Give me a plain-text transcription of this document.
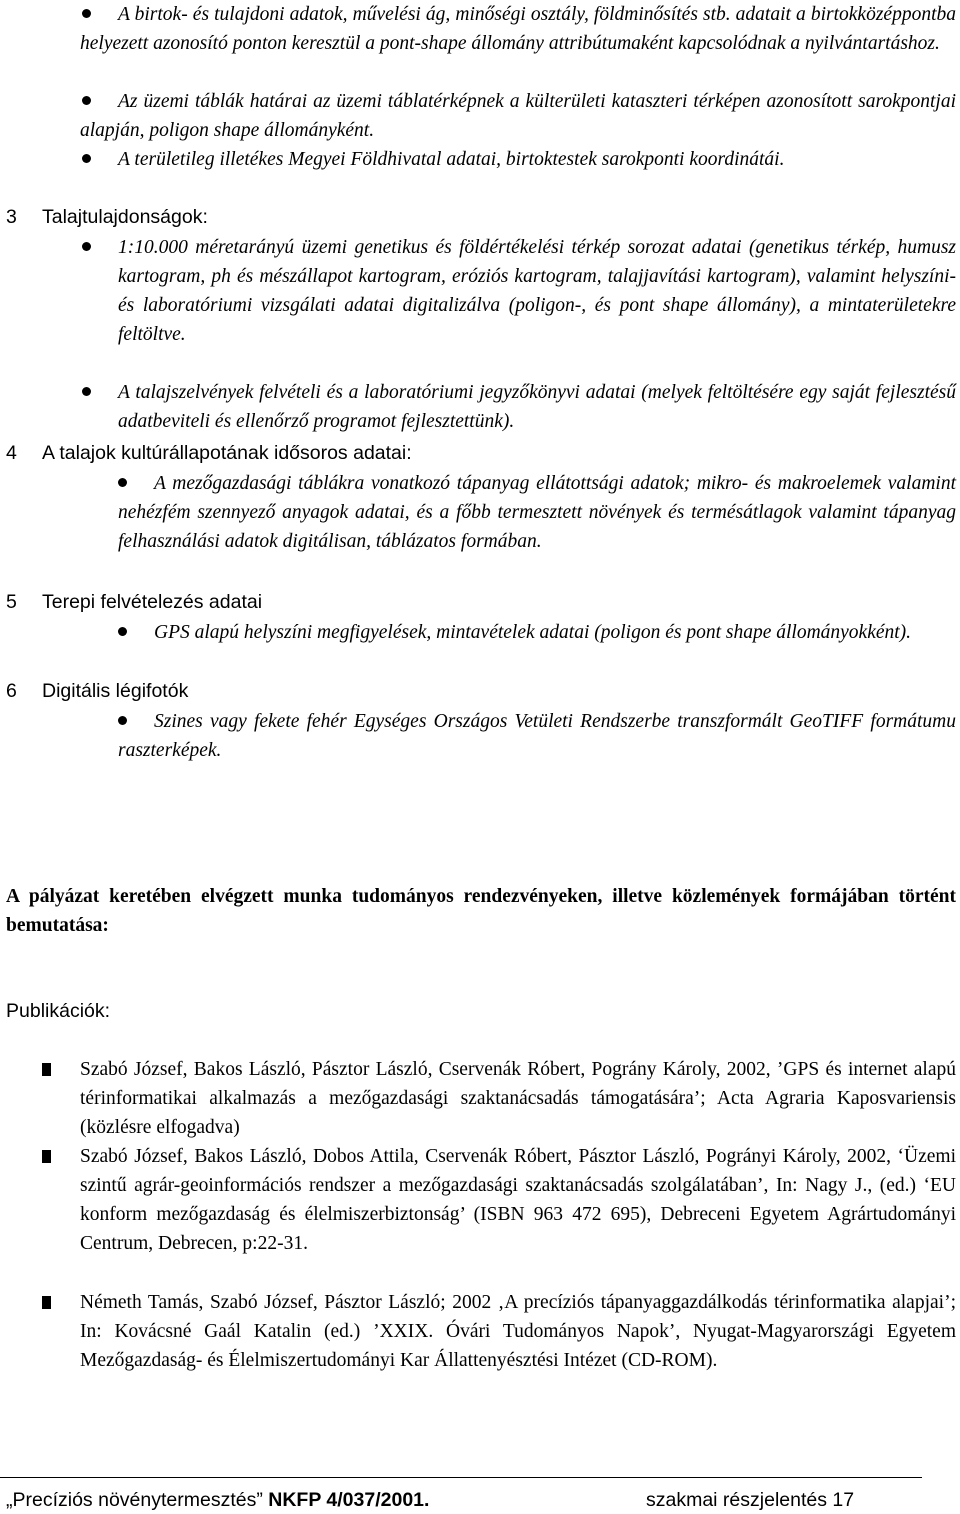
A birtok- és tulajdoni adatok, művelési ág, minőségi osztály, földminősítés stb. adatait a birtokközéppontba helyezett azonosító ponton keresztül a pont-shape állomány attribútumaként kapcsolódnak a nyilvántartáshoz.

Az üzemi táblák határai az üzemi táblatérképnek a külterületi kataszteri térképen azonosított sarokpontjai alapján, poligon shape állományként.

A területileg illetékes Megyei Földhivatal adatai, birtoktestek sarokponti koordinátái.

3 Talajtulajdonságok:

1:10.000 méretarányú üzemi genetikus és földértékelési térkép sorozat adatai (genetikus térkép, humusz kartogram, ph és mészállapot kartogram, eróziós kartogram, talajjavítási kartogram), valamint helyszíni- és laboratóriumi vizsgálati adatai digitalizálva (poligon-, és pont shape állomány), a mintaterületekre feltöltve.

A talajszelvények felvételi és a laboratóriumi jegyzőkönyvi adatai (melyek feltöltésére egy saját fejlesztésű adatbeviteli és ellenőrző programot fejlesztettünk).

4 A talajok kultúrállapotának idősoros adatai:

A mezőgazdasági táblákra vonatkozó tápanyag ellátottsági adatok; mikro- és makroelemek valamint nehézfém szennyező anyagok adatai, és a főbb termesztett növények és termésátlagok valamint tápanyag felhasználási adatok digitálisan, táblázatos formában.

5 Terepi felvételezés adatai

GPS alapú helyszíni megfigyelések, mintavételek adatai (poligon és pont shape állományokként).

6 Digitális légifotók

Szines vagy fekete fehér Egységes Országos Vetületi Rendszerbe transzformált GeoTIFF formátumu raszterképek.

A pályázat keretében elvégzett munka tudományos rendezvényeken, illetve közlemények formájában történt bemutatása:

Publikációk:

Szabó József, Bakos László, Pásztor László, Cservenák Róbert, Pográny Károly, 2002, ’GPS és internet alapú térinformatikai alkalmazás a mezőgazdasági szaktanácsadás támogatására’; Acta Agraria Kaposvariensis (közlésre elfogadva)

Szabó József, Bakos László, Dobos Attila, Cservenák Róbert, Pásztor László, Pogrányi Károly, 2002, ‘Üzemi szintű agrár-geoinformációs rendszer a mezőgazdasági szaktanácsadás szolgálatában’, In: Nagy J., (ed.) ‘EU konform mezőgazdaság és élelmiszerbiztonság’ (ISBN 963 472 695), Debreceni Egyetem Agrártudományi Centrum, Debrecen, p:22-31.

Németh Tamás, Szabó József, Pásztor László; 2002 ‚A precíziós tápanyaggazdálkodás térinformatika alapjai’; In: Kovácsné Gaál Katalin (ed.) ’XXIX. Óvári Tudományos Napok’, Nyugat-Magyarországi Egyetem Mezőgazdaság- és Élelmiszertudományi Kar Állattenyésztési Intézet (CD-ROM).

„Precíziós növénytermesztés” NKFP 4/037/2001.	szakmai részjelentés 17
